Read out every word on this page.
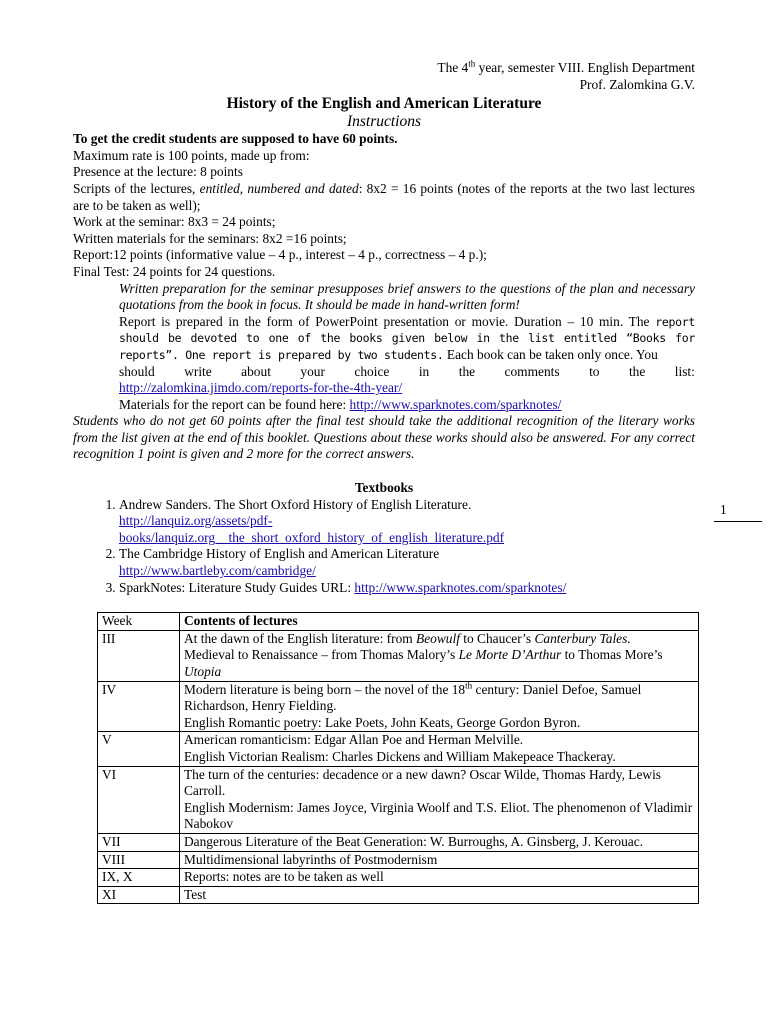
The 4th year, semester VIII. English Department
Prof. Zalomkina G.V.
History of the English and American Literature
Instructions
To get the credit students are supposed to have 60 points.
Maximum rate is 100 points, made up from:
Presence at the lecture: 8 points
Scripts of the lectures, entitled, numbered and dated: 8x2 = 16 points (notes of the reports at the two last lectures are to be taken as well);
Work at the seminar: 8x3 = 24 points;
Written materials for the seminars: 8x2 =16 points;
Report:12 points (informative value – 4 p., interest – 4 p., correctness – 4 p.);
Final Test: 24 points for 24 questions.
Written preparation for the seminar presupposes brief answers to the questions of the plan and necessary quotations from the book in focus. It should be made in hand-written form!
Report is prepared in the form of PowerPoint presentation or movie. Duration – 10 min. The report should be devoted to one of the books given below in the list entitled “Books for reports”. One report is prepared by two students. Each book can be taken only once. You
should write about your choice in the comments to the list:
http://zalomkina.jimdo.com/reports-for-the-4th-year/
Materials for the report can be found here: http://www.sparknotes.com/sparknotes/
Students who do not get 60 points after the final test should take the additional recognition of the literary works from the list given at the end of this booklet. Questions about these works should also be answered. For any correct recognition 1 point is given and 2 more for the correct answers.
Textbooks
1. Andrew Sanders. The Short Oxford History of English Literature.
http://lanquiz.org/assets/pdf-
books/lanquiz.org__the_short_oxford_history_of_english_literature.pdf
2. The Cambridge History of English and American Literature
http://www.bartleby.com/cambridge/
3. SparkNotes: Literature Study Guides URL: http://www.sparknotes.com/sparknotes/
Week	Contents of lectures
III	At the dawn of the English literature: from Beowulf to Chaucer’s Canterbury Tales.
Medieval to Renaissance – from Thomas Malory’s Le Morte D’Arthur to Thomas More’s Utopia

IV	Modern literature is being born – the novel of the 18th century: Daniel Defoe, Samuel Richardson, Henry Fielding.
English Romantic poetry: Lake Poets, John Keats, George Gordon Byron.

V	American romanticism: Edgar Allan Poe and Herman Melville.
English Victorian Realism: Charles Dickens and William Makepeace Thackeray.

VI	The turn of the centuries: decadence or a new dawn? Oscar Wilde, Thomas Hardy, Lewis Carroll.
English Modernism: James Joyce, Virginia Woolf and T.S. Eliot. The phenomenon of Vladimir Nabokov

VII	Dangerous Literature of the Beat Generation: W. Burroughs, A. Ginsberg, J. Kerouac.
VIII	Multidimensional labyrinths of Postmodernism
IX, X	Reports: notes are to be taken as well
XI	Test
1
